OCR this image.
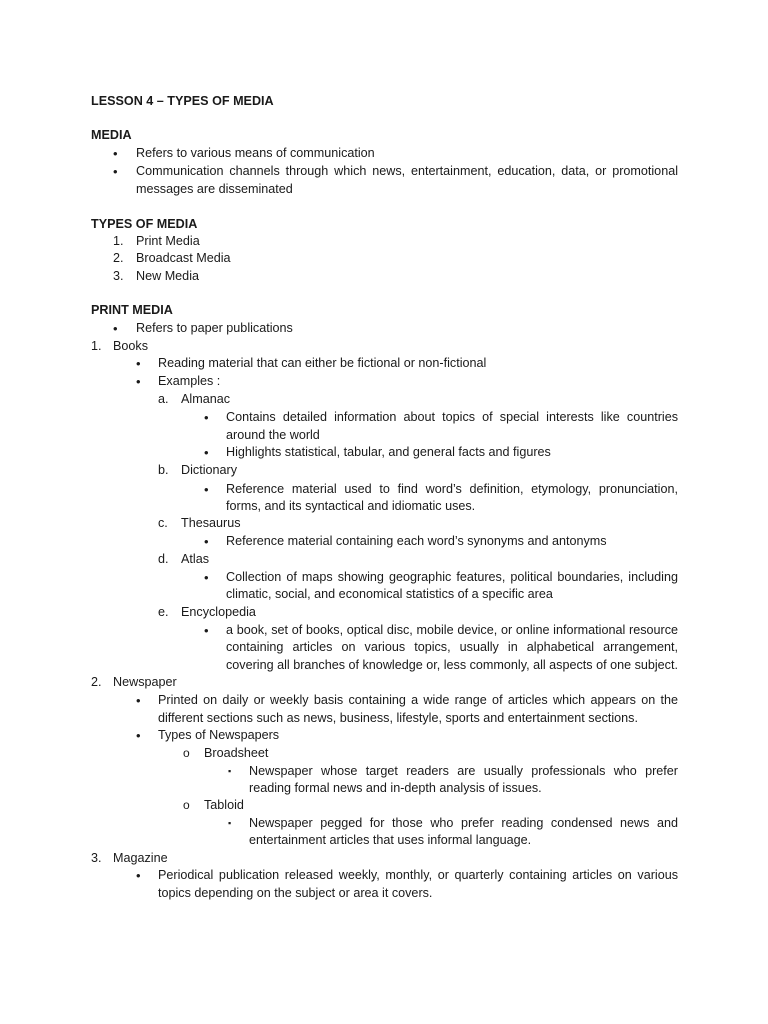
LESSON 4 – TYPES OF MEDIA
MEDIA
• Refers to various means of communication
• Communication channels through which news, entertainment, education, data, or promotional
messages are disseminated
TYPES OF MEDIA
1. Print Media
2. Broadcast Media
3. New Media
PRINT MEDIA
• Refers to paper publications
1. Books
• Reading material that can either be fictional or non-fictional
• Examples :
a. Almanac
• Contains detailed information about topics of special interests like countries
around the world
• Highlights statistical, tabular, and general facts and figures
b. Dictionary
• Reference material used to find word’s definition, etymology, pronunciation,
forms, and its syntactical and idiomatic uses.
c. Thesaurus
• Reference material containing each word’s synonyms and antonyms
d. Atlas
• Collection of maps showing geographic features, political boundaries, including
climatic, social, and economical statistics of a specific area
e. Encyclopedia
• a book, set of books, optical disc, mobile device, or online informational resource
containing articles on various topics, usually in alphabetical arrangement,
covering all branches of knowledge or, less commonly, all aspects of one subject.
2. Newspaper
• Printed on daily or weekly basis containing a wide range of articles which appears on the
different sections such as news, business, lifestyle, sports and entertainment sections.
• Types of Newspapers
o Broadsheet
▪ Newspaper whose target readers are usually professionals who prefer
reading formal news and in-depth analysis of issues.
o Tabloid
▪ Newspaper pegged for those who prefer reading condensed news and
entertainment articles that uses informal language.
3. Magazine
• Periodical publication released weekly, monthly, or quarterly containing articles on various
topics depending on the subject or area it covers.
